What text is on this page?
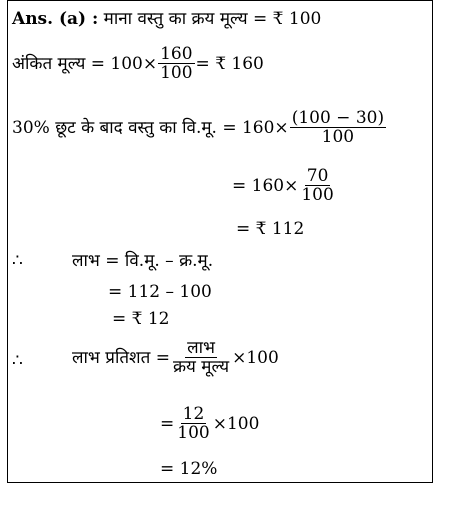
Ans. (a) : माना वस्तु का क्रय मूल्य = ₹ 100
अंकित मूल्य = $100\times \frac{160}{100}$ = ₹ 160
30% छूट के बाद वस्तु का वि.मू. = $160\times \frac{(100 - 30)}{100}$
= $160\times \frac{70}{100}$
= ₹ 112
∴	लाभ = वि.मू. – क्र.मू.
= 112 – 100
= ₹ 12
∴	लाभ प्रतिशत = $\frac{\text{लाभ}}{\text{क्रय मूल्य}} \times 100$
= $\frac{12}{100} \times 100$
= 12%
